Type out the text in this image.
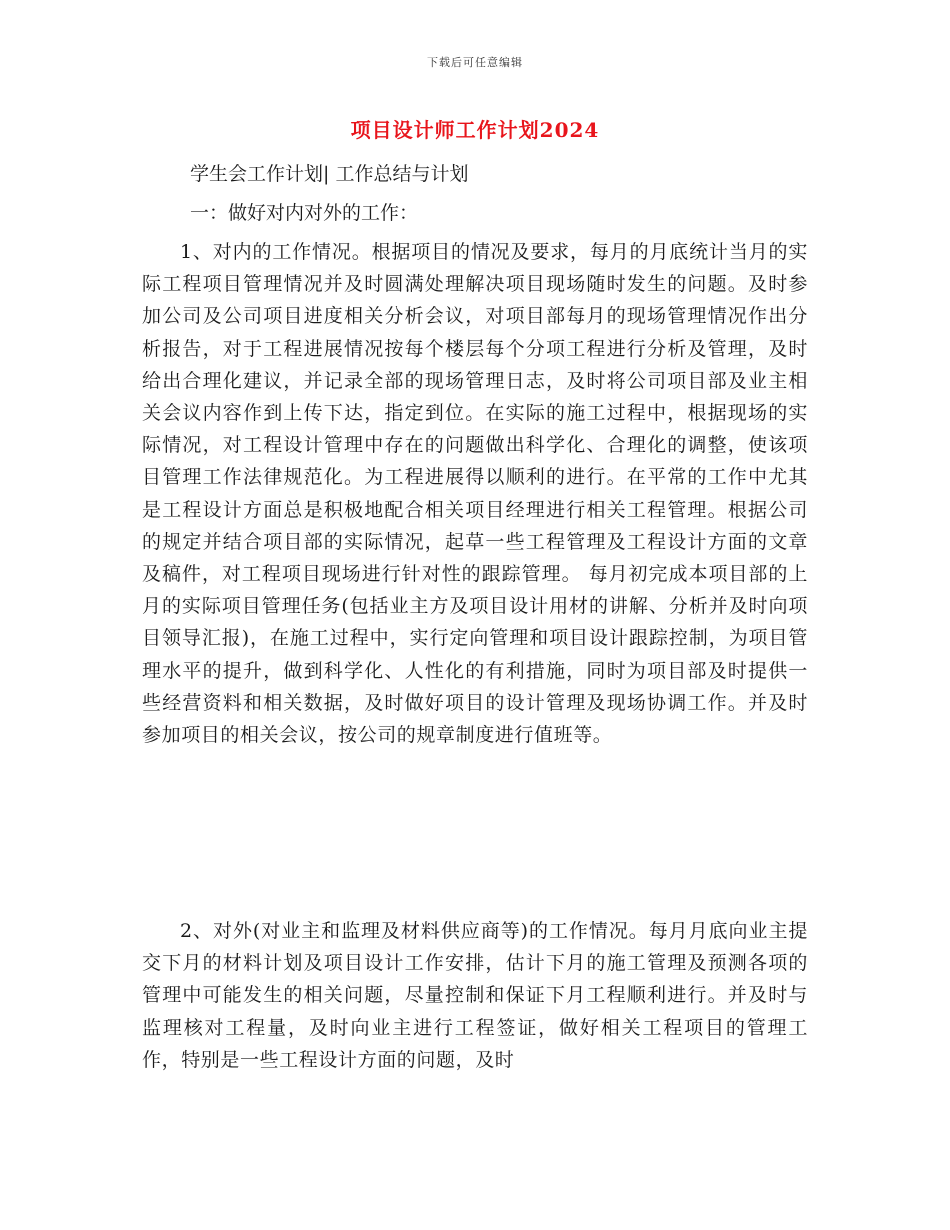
下载后可任意编辑
项目设计师工作计划2024
学生会工作计划| 工作总结与计划
一：做好对内对外的工作：
1、对内的工作情况。根据项目的情况及要求，每月的月底统计当月的实际工程项目管理情况并及时圆满处理解决项目现场随时发生的问题。及时参加公司及公司项目进度相关分析会议，对项目部每月的现场管理情况作出分析报告，对于工程进展情况按每个楼层每个分项工程进行分析及管理，及时给出合理化建议，并记录全部的现场管理日志，及时将公司项目部及业主相关会议内容作到上传下达，指定到位。在实际的施工过程中，根据现场的实际情况，对工程设计管理中存在的问题做出科学化、合理化的调整，使该项目管理工作法律规范化。为工程进展得以顺利的进行。在平常的工作中尤其是工程设计方面总是积极地配合相关项目经理进行相关工程管理。根据公司的规定并结合项目部的实际情况，起草一些工程管理及工程设计方面的文章及稿件，对工程项目现场进行针对性的跟踪管理。 每月初完成本项目部的上月的实际项目管理任务(包括业主方及项目设计用材的讲解、分析并及时向项目领导汇报)，在施工过程中，实行定向管理和项目设计跟踪控制，为项目管理水平的提升，做到科学化、人性化的有利措施，同时为项目部及时提供一些经营资料和相关数据，及时做好项目的设计管理及现场协调工作。并及时参加项目的相关会议，按公司的规章制度进行值班等。
2、对外(对业主和监理及材料供应商等)的工作情况。每月月底向业主提交下月的材料计划及项目设计工作安排，估计下月的施工管理及预测各项的管理中可能发生的相关问题，尽量控制和保证下月工程顺利进行。并及时与监理核对工程量，及时向业主进行工程签证，做好相关工程项目的管理工作，特别是一些工程设计方面的问题，及时
